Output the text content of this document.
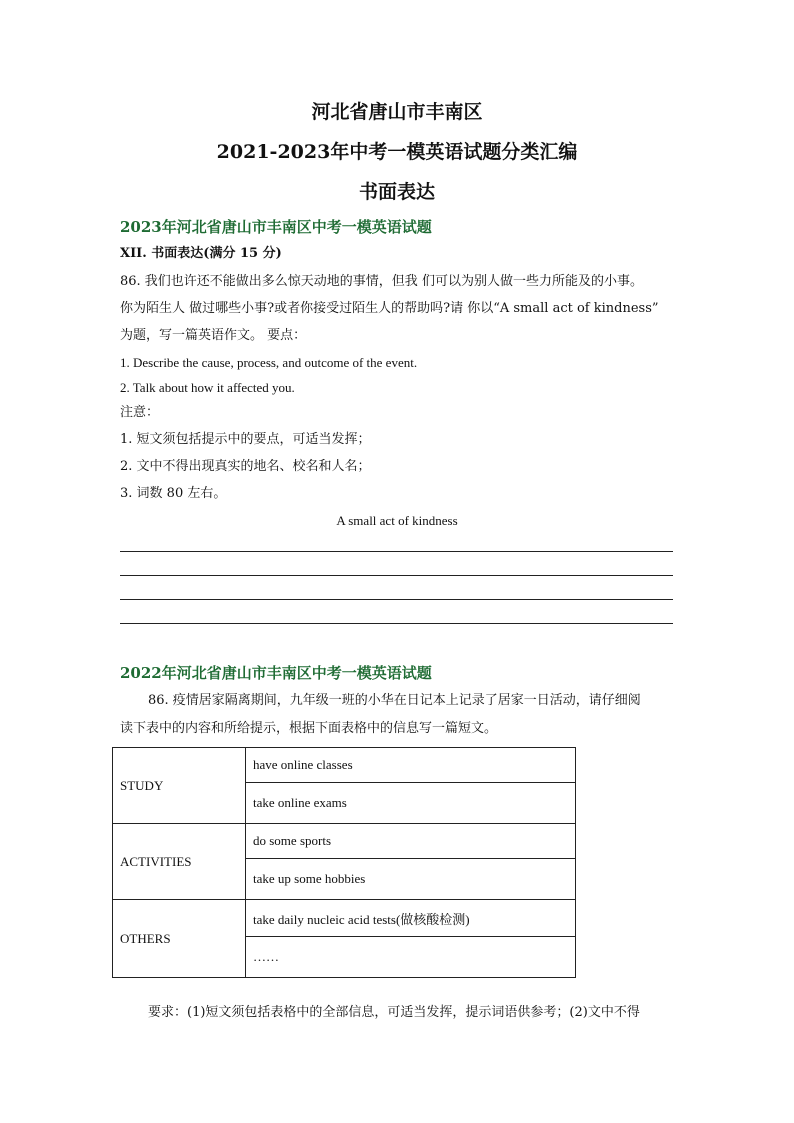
河北省唐山市丰南区
2021-2023年中考一模英语试题分类汇编
书面表达
2023年河北省唐山市丰南区中考一模英语试题
XII. 书面表达(满分 15 分)
86. 我们也许还不能做出多么惊天动地的事情，但我 们可以为别人做一些力所能及的小事。
你为陌生人 做过哪些小事?或者你接受过陌生人的帮助吗?请 你以“A small act of kindness”
为题，写一篇英语作文。 要点：
1. Describe the cause, process, and outcome of the event.
2. Talk about how it affected you.
注意：
1. 短文须包括提示中的要点，可适当发挥；
2. 文中不得出现真实的地名、校名和人名；
3. 词数 80 左右。
A small act of kindness
2022年河北省唐山市丰南区中考一模英语试题
86. 疫情居家隔离期间，九年级一班的小华在日记本上记录了居家一日活动，请仔细阅
读下表中的内容和所给提示，根据下面表格中的信息写一篇短文。
STUDY	have online classes
	take online exams
ACTIVITIES	do some sports
	take up some hobbies
OTHERS	take daily nucleic acid tests(做核酸检测)
	……
要求：(1)短文须包括表格中的全部信息，可适当发挥，提示词语供参考；(2)文中不得
